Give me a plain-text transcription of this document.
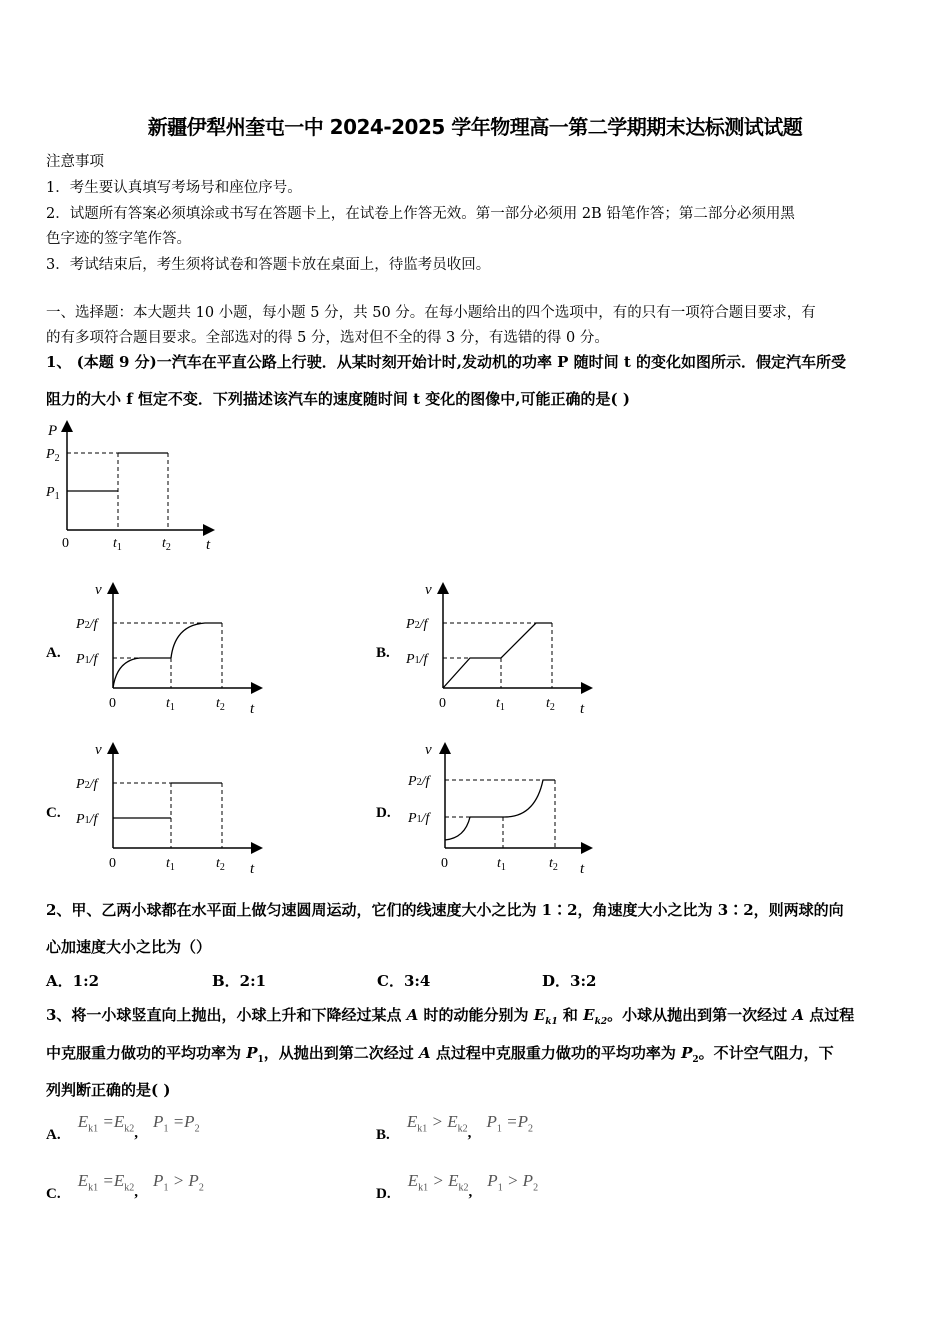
新疆伊犁州奎屯一中 2024-2025 学年物理高一第二学期期末达标测试试题
注意事项
1．考生要认真填写考场号和座位序号。
2．试题所有答案必须填涂或书写在答题卡上，在试卷上作答无效。第一部分必须用 2B 铅笔作答；第二部分必须用黑
色字迹的签字笔作答。
3．考试结束后，考生须将试卷和答题卡放在桌面上，待监考员收回。
一、选择题：本大题共 10 小题，每小题 5 分，共 50 分。在每小题给出的四个选项中，有的只有一项符合题目要求，有
的有多项符合题目要求。全部选对的得 5 分，选对但不全的得 3 分，有选错的得 0 分。
1、 (本题 9 分)一汽车在平直公路上行驶．从某时刻开始计时,发动机的功率 P 随时间 t 的变化如图所示．假定汽车所受
阻力的大小 f 恒定不变．下列描述该汽车的速度随时间 t 变化的图像中,可能正确的是( )
P
$P_2$
$P_1$
0	$t_1$	$t_2$ t
A.
v
P2/f
P1/f
0	$t_1$	$t_2$ t
B.
v
P2/f
P1/f
0	$t_1$	$t_2$ t
C.
v
P2/f
P1/f
0	$t_1$	$t_2$ t
D.
v
P2/f
P1/f
0	$t_1$	$t_2$ t
2、甲、乙两小球都在水平面上做匀速圆周运动，它们的线速度大小之比为 1∶2，角速度大小之比为 3∶2，则两球的向
心加速度大小之比为（）
A．1:2	B．2:1	C．3:4	D．3:2
3、将一小球竖直向上抛出，小球上升和下降经过某点 A 时的动能分别为 $E_{k1}$ 和 $E_{k2}$。小球从抛出到第一次经过 A 点过程
中克服重力做功的平均功率为 $P_1$，从抛出到第二次经过 A 点过程中克服重力做功的平均功率为 $P_2$。不计空气阻力，下
列判断正确的是( )
A. $E_{k1} =E_{k2}$, $P_1 =P_2$	B. $E_{k1} > E_{k2}$, $P_1 =P_2$
C. $E_{k1} =E_{k2}$, $P_1 > P_2$	D. $E_{k1} > E_{k2}$, $P_1 > P_2$
